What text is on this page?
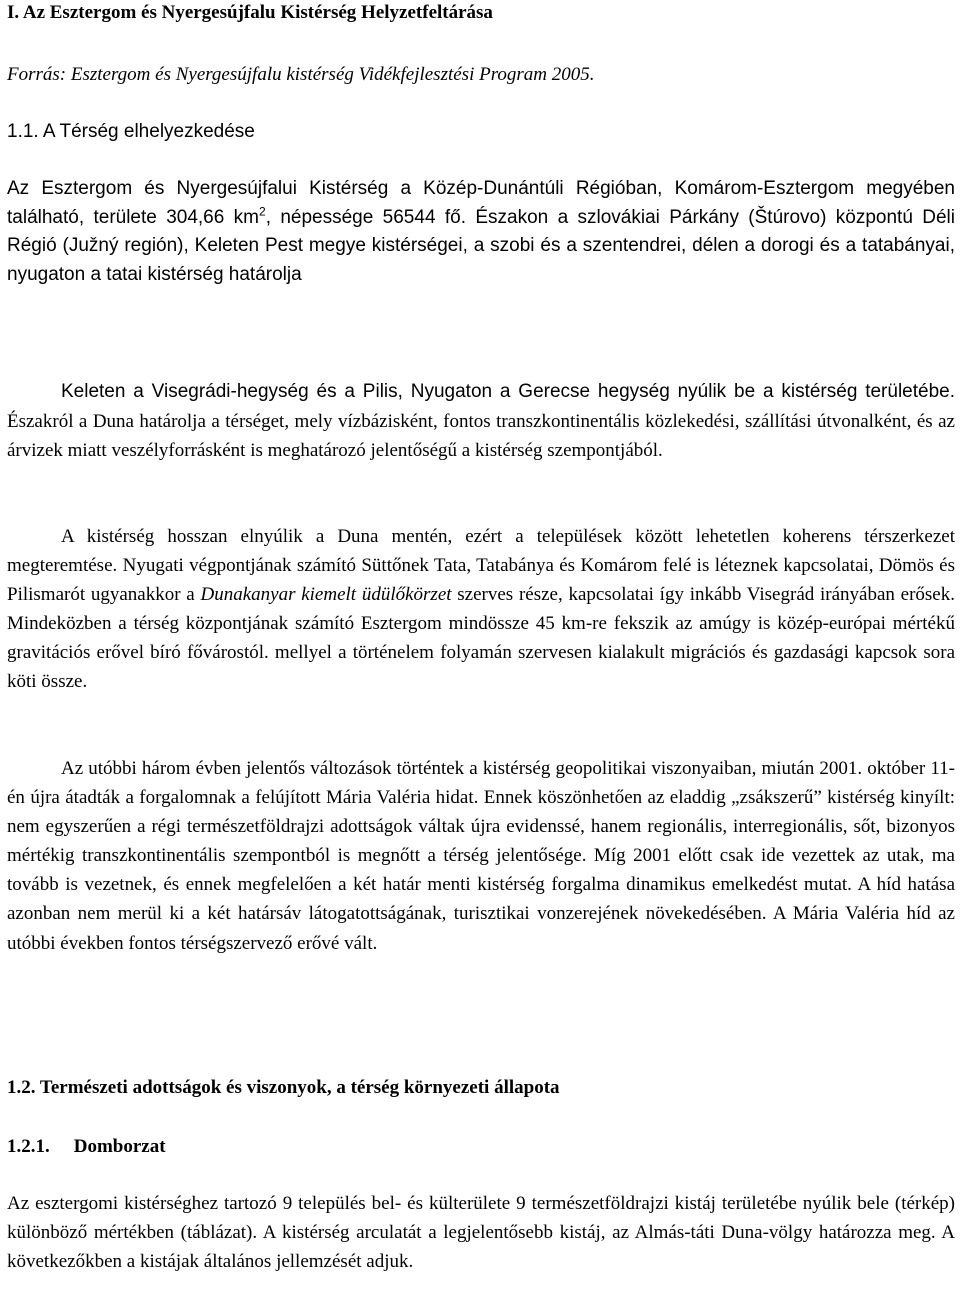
I. Az Esztergom és Nyergesújfalu Kistérség Helyzetfeltárása

Forrás: Esztergom és Nyergesújfalu kistérség Vidékfejlesztési Program 2005.

1.1. A Térség elhelyezkedése

Az Esztergom és Nyergesújfalui Kistérség a Közép-Dunántúli Régióban, Komárom-Esztergom megyében található, területe 304,66 $km^2$, népessége 56544 fő. Északon a szlovákiai Párkány (Štúrovo) központú Déli Régió (Južný región), Keleten Pest megye kistérségei, a szobi és a szentendrei, délen a dorogi és a tatabányai, nyugaton a tatai kistérség határolja

Keleten a Visegrádi-hegység és a Pilis, Nyugaton a Gerecse hegység nyúlik be a kistérség területébe. Északról a Duna határolja a térséget, mely vízbázisként, fontos transzkontinentális közlekedési, szállítási útvonalként, és az árvizek miatt veszélyforrásként is meghatározó jelentőségű a kistérség szempontjából.

A kistérség hosszan elnyúlik a Duna mentén, ezért a települések között lehetetlen koherens térszerkezet megteremtése. Nyugati végpontjának számító Süttőnek Tata, Tatabánya és Komárom felé is léteznek kapcsolatai, Dömös és Pilismarót ugyanakkor a Dunakanyar kiemelt üdülőkörzet szerves része, kapcsolatai így inkább Visegrád irányában erősek. Mindeközben a térség központjának számító Esztergom mindössze 45 km-re fekszik az amúgy is közép-európai mértékű gravitációs erővel bíró fővárostól. mellyel a történelem folyamán szervesen kialakult migrációs és gazdasági kapcsok sora köti össze.

Az utóbbi három évben jelentős változások történtek a kistérség geopolitikai viszonyaiban, miután 2001. október 11-én újra átadták a forgalomnak a felújított Mária Valéria hidat. Ennek köszönhetően az eladdig „zsákszerű” kistérség kinyílt: nem egyszerűen a régi természetföldrajzi adottságok váltak újra evidenssé, hanem regionális, interregionális, sőt, bizonyos mértékig transzkontinentális szempontból is megnőtt a térség jelentősége. Míg 2001 előtt csak ide vezettek az utak, ma tovább is vezetnek, és ennek megfelelően a két határ menti kistérség forgalma dinamikus emelkedést mutat. A híd hatása azonban nem merül ki a két határsáv látogatottságának, turisztikai vonzerejének növekedésében. A Mária Valéria híd az utóbbi években fontos térségszervező erővé vált.

1.2. Természeti adottságok és viszonyok, a térség környezeti állapota

1.2.1. Domborzat

Az esztergomi kistérséghez tartozó 9 település bel- és külterülete 9 természetföldrajzi kistáj területébe nyúlik bele (térkép) különböző mértékben (táblázat). A kistérség arculatát a legjelentősebb kistáj, az Almás-táti Duna-völgy határozza meg. A következőkben a kistájak általános jellemzését adjuk.
